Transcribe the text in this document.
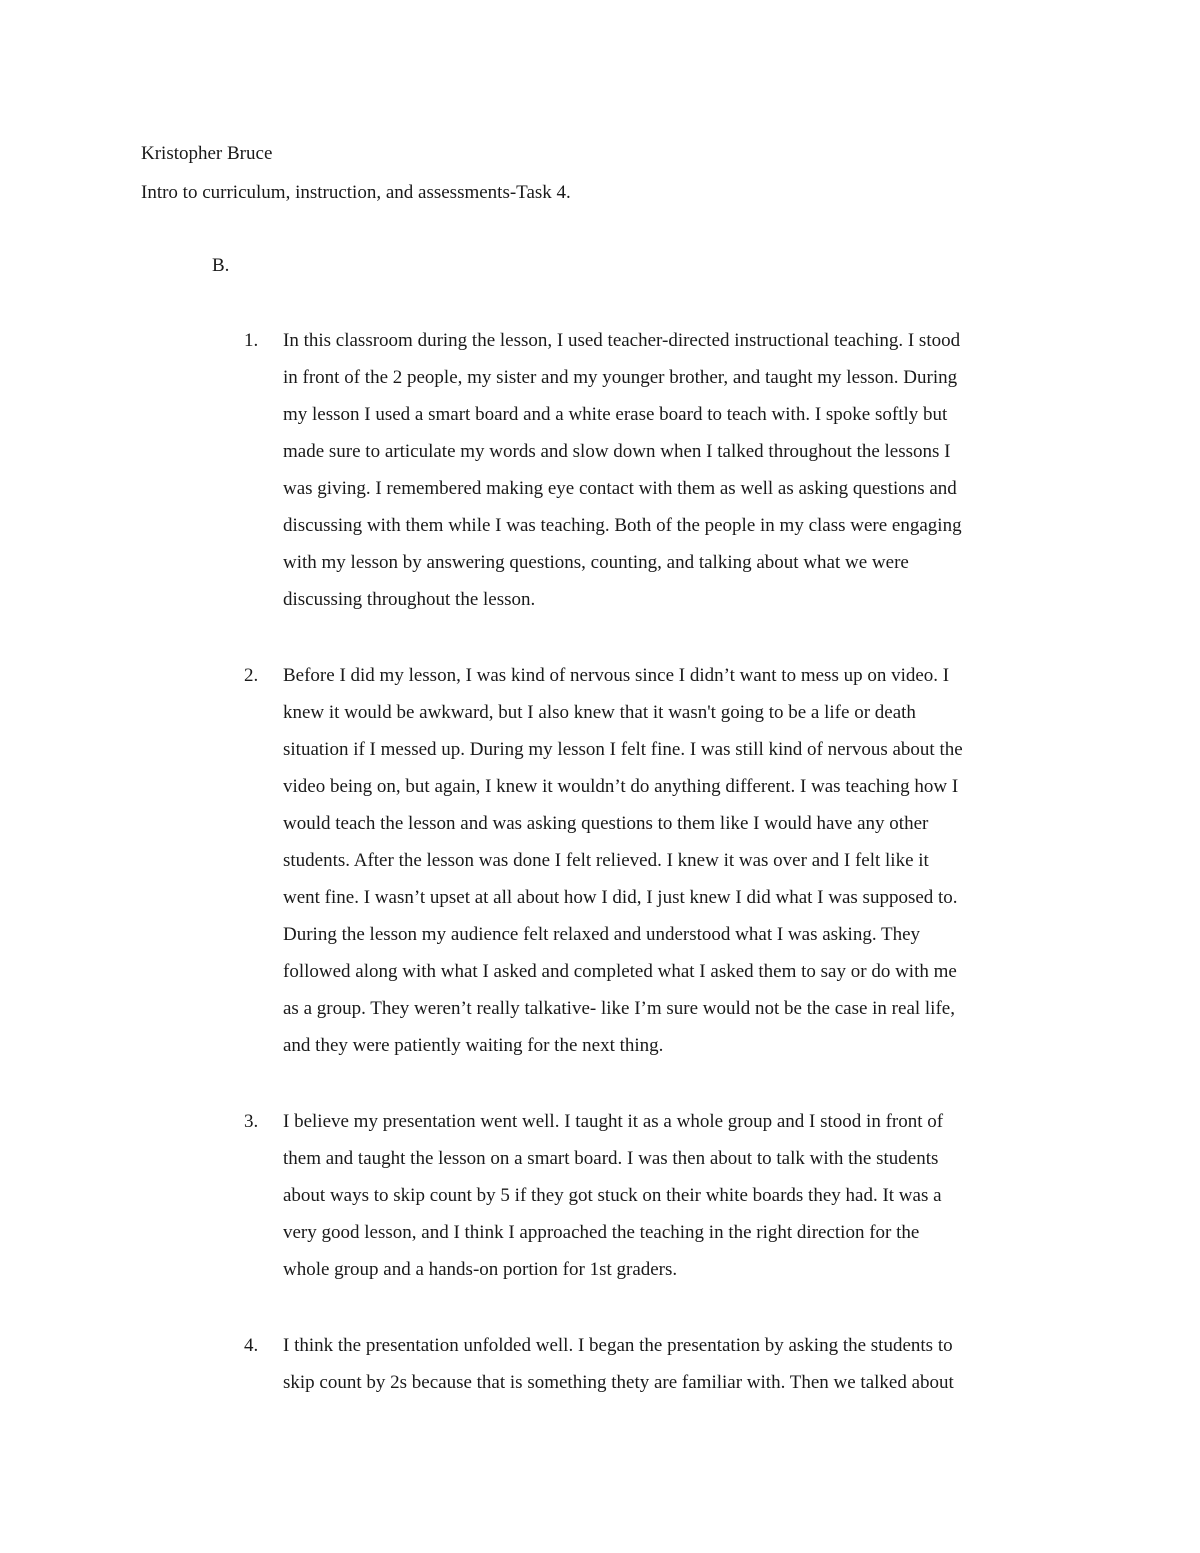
Kristopher Bruce
Intro to curriculum, instruction, and assessments-Task 4.
B.
1. In this classroom during the lesson, I used teacher-directed instructional teaching. I stood
in front of the 2 people, my sister and my younger brother, and taught my lesson. During
my lesson I used a smart board and a white erase board to teach with. I spoke softly but
made sure to articulate my words and slow down when I talked throughout the lessons I
was giving. I remembered making eye contact with them as well as asking questions and
discussing with them while I was teaching. Both of the people in my class were engaging
with my lesson by answering questions, counting, and talking about what we were
discussing throughout the lesson.
2. Before I did my lesson, I was kind of nervous since I didn’t want to mess up on video. I
knew it would be awkward, but I also knew that it wasn't going to be a life or death
situation if I messed up. During my lesson I felt fine. I was still kind of nervous about the
video being on, but again, I knew it wouldn’t do anything different. I was teaching how I
would teach the lesson and was asking questions to them like I would have any other
students. After the lesson was done I felt relieved. I knew it was over and I felt like it
went fine. I wasn’t upset at all about how I did, I just knew I did what I was supposed to.
During the lesson my audience felt relaxed and understood what I was asking. They
followed along with what I asked and completed what I asked them to say or do with me
as a group. They weren’t really talkative- like I’m sure would not be the case in real life,
and they were patiently waiting for the next thing.
3. I believe my presentation went well. I taught it as a whole group and I stood in front of
them and taught the lesson on a smart board. I was then about to talk with the students
about ways to skip count by 5 if they got stuck on their white boards they had. It was a
very good lesson, and I think I approached the teaching in the right direction for the
whole group and a hands-on portion for 1st graders.
4. I think the presentation unfolded well. I began the presentation by asking the students to
skip count by 2s because that is something thety are familiar with. Then we talked about
